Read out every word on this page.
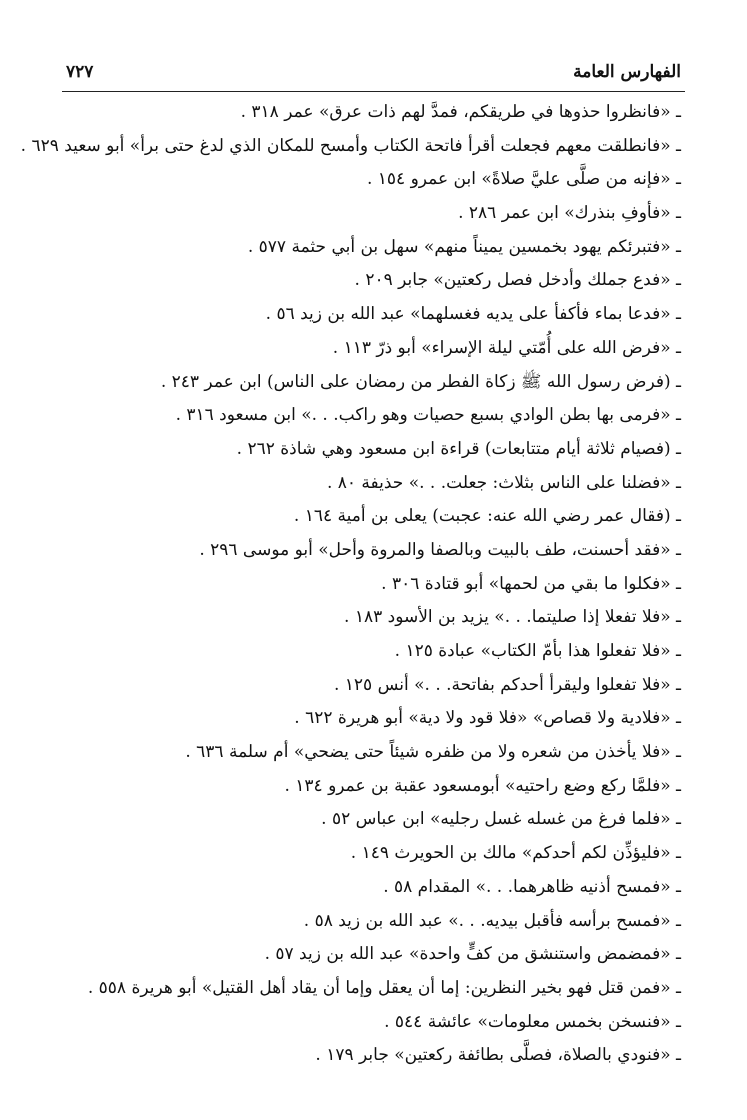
الفهارس العامة
٧٢٧
ـ «فانظروا حذوها في طريقكم، فمدَّ لهم ذات عرق» عمر ٣١٨ .
ـ «فانطلقت معهم فجعلت أقرأ فاتحة الكتاب وأمسح للمكان الذي لدغ حتى برأ» أبو سعيد ٦٢٩ .
ـ «فإنه من صلَّى عليَّ صلاةً» ابن عمرو ١٥٤ .
ـ «فأوفِ بنذرك» ابن عمر ٢٨٦ .
ـ «فتبرئكم يهود بخمسين يميناً منهم» سهل بن أبي حثمة ٥٧٧ .
ـ «فدع جملك وأدخل فصل ركعتين» جابر ٢٠٩ .
ـ «فدعا بماء فأكفأ على يديه فغسلهما» عبد الله بن زيد ٥٦ .
ـ «فرض الله على أُمّتي ليلة الإسراء» أبو ذرّ ١١٣ .
ـ (فرض رسول الله ﷺ زكاة الفطر من رمضان على الناس) ابن عمر ٢٤٣ .
ـ «فرمى بها بطن الوادي بسبع حصيات وهو راكب. . .» ابن مسعود ٣١٦ .
ـ (فصيام ثلاثة أيام متتابعات) قراءة ابن مسعود وهي شاذة ٢٦٢ .
ـ «فضلنا على الناس بثلاث: جعلت. . .» حذيفة ٨٠ .
ـ (فقال عمر رضي الله عنه: عجبت) يعلى بن أمية ١٦٤ .
ـ «فقد أحسنت، طف بالبيت وبالصفا والمروة وأحل» أبو موسى ٢٩٦ .
ـ «فكلوا ما بقي من لحمها» أبو قتادة ٣٠٦ .
ـ «فلا تفعلا إذا صليتما. . .» يزيد بن الأسود ١٨٣ .
ـ «فلا تفعلوا هذا بأمّ الكتاب» عبادة ١٢٥ .
ـ «فلا تفعلوا وليقرأ أحدكم بفاتحة. . .» أنس ١٢٥ .
ـ «فلادية ولا قصاص» «فلا قود ولا دية» أبو هريرة ٦٢٢ .
ـ «فلا يأخذن من شعره ولا من ظفره شيئاً حتى يضحي» أم سلمة ٦٣٦ .
ـ «فلمَّا ركع وضع راحتيه» أبومسعود عقبة بن عمرو ١٣٤ .
ـ «فلما فرغ من غسله غسل رجليه» ابن عباس ٥٢ .
ـ «فليؤذِّن لكم أحدكم» مالك بن الحويرث ١٤٩ .
ـ «فمسح أذنيه ظاهرهما. . .» المقدام ٥٨ .
ـ «فمسح برأسه فأقبل بيديه. . .» عبد الله بن زيد ٥٨ .
ـ «فمضمض واستنشق من كفٍّ واحدة» عبد الله بن زيد ٥٧ .
ـ «فمن قتل فهو بخير النظرين: إما أن يعقل وإما أن يقاد أهل القتيل» أبو هريرة ٥٥٨ .
ـ «فنسخن بخمس معلومات» عائشة ٥٤٤ .
ـ «فنودي بالصلاة، فصلَّى بطائفة ركعتين» جابر ١٧٩ .
